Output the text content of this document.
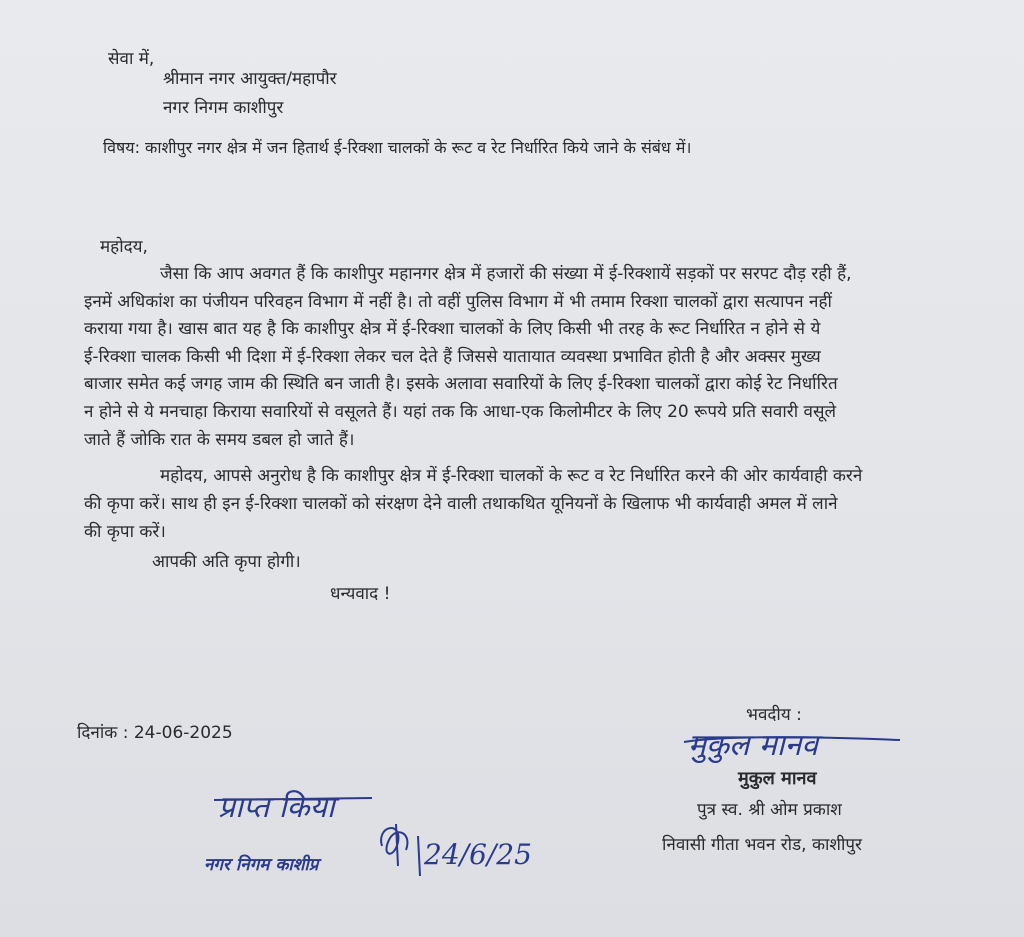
सेवा में,
श्रीमान नगर आयुक्त/महापौर
नगर निगम काशीपुर
विषय: काशीपुर नगर क्षेत्र में जन हितार्थ ई-रिक्शा चालकों के रूट व रेट निर्धारित किये जाने के संबंध में।
महोदय,
जैसा कि आप अवगत हैं कि काशीपुर महानगर क्षेत्र में हजारों की संख्या में ई-रिक्शायें सड़कों पर सरपट दौड़ रही हैं,
इनमें अधिकांश का पंजीयन परिवहन विभाग में नहीं है। तो वहीं पुलिस विभाग में भी तमाम रिक्शा चालकों द्वारा सत्यापन नहीं
कराया गया है। खास बात यह है कि काशीपुर क्षेत्र में ई-रिक्शा चालकों के लिए किसी भी तरह के रूट निर्धारित न होने से ये
ई-रिक्शा चालक किसी भी दिशा में ई-रिक्शा लेकर चल देते हैं जिससे यातायात व्यवस्था प्रभावित होती है और अक्सर मुख्य
बाजार समेत कई जगह जाम की स्थिति बन जाती है। इसके अलावा सवारियों के लिए ई-रिक्शा चालकों द्वारा कोई रेट निर्धारित
न होने से ये मनचाहा किराया सवारियों से वसूलते हैं। यहां तक कि आधा-एक किलोमीटर के लिए 20 रूपये प्रति सवारी वसूले
जाते हैं जोकि रात के समय डबल हो जाते हैं।
महोदय, आपसे अनुरोध है कि काशीपुर क्षेत्र में ई-रिक्शा चालकों के रूट व रेट निर्धारित करने की ओर कार्यवाही करने
की कृपा करें। साथ ही इन ई-रिक्शा चालकों को संरक्षण देने वाली तथाकथित यूनियनों के खिलाफ भी कार्यवाही अमल में लाने
की कृपा करें।
आपकी अति कृपा होगी।
धन्यवाद !
दिनांक : 24-06-2025
भवदीय :
मुकुल मानव
मुकुल मानव
पुत्र स्व. श्री ओम प्रकाश
निवासी गीता भवन रोड, काशीपुर
प्राप्त किया
नगर निगम काशीप्र	24/6/25
